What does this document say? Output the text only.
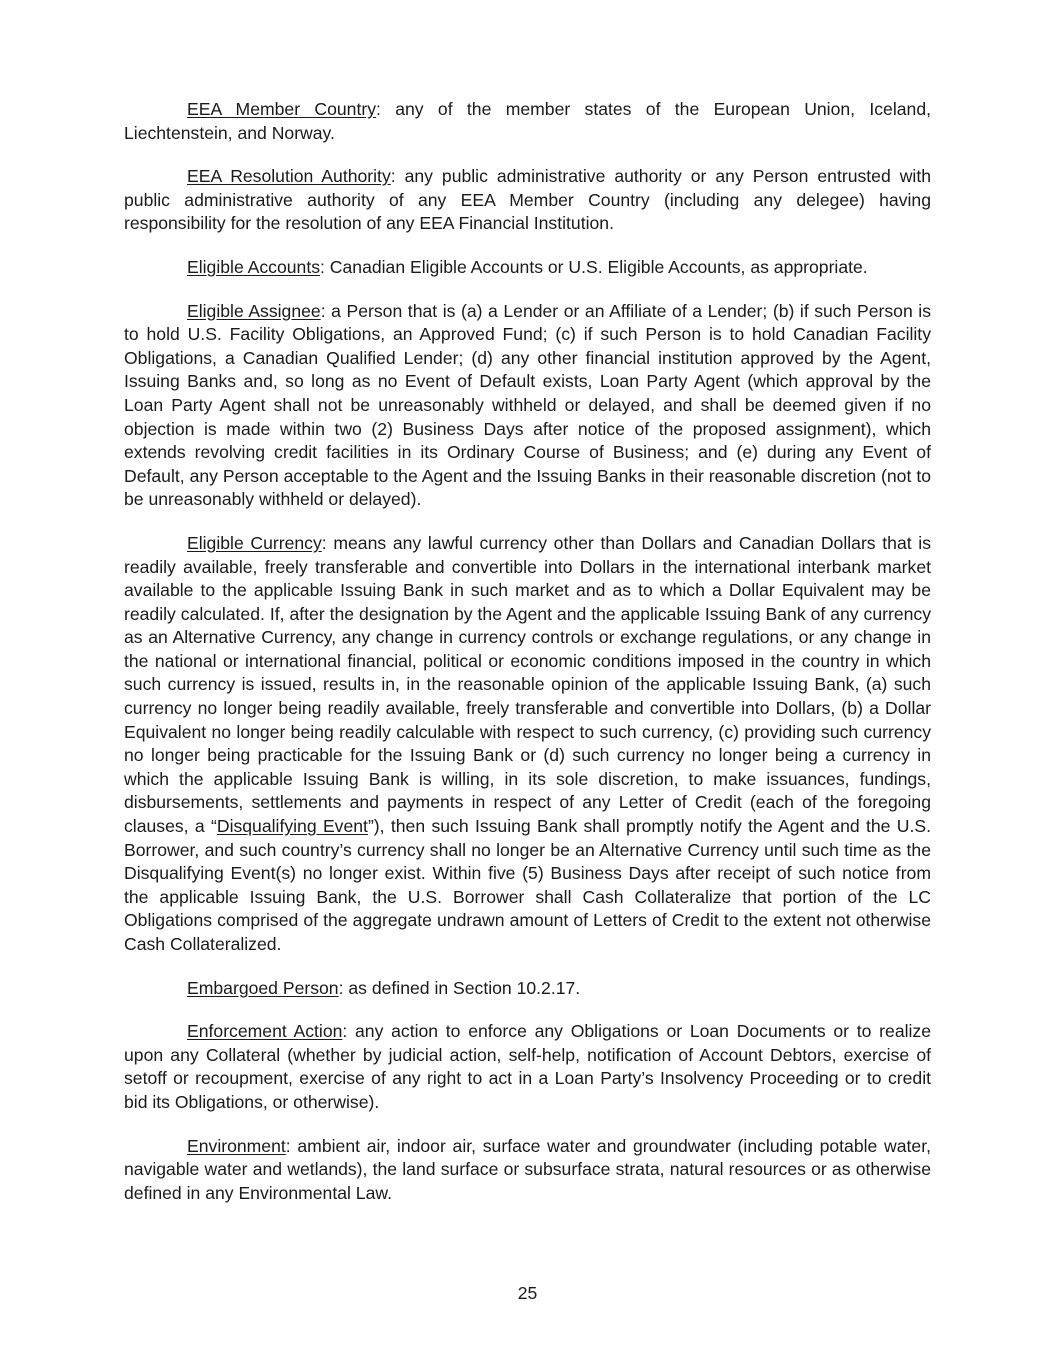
EEA Member Country: any of the member states of the European Union, Iceland, Liechtenstein, and Norway.

EEA Resolution Authority: any public administrative authority or any Person entrusted with public administrative authority of any EEA Member Country (including any delegee) having responsibility for the resolution of any EEA Financial Institution.

Eligible Accounts: Canadian Eligible Accounts or U.S. Eligible Accounts, as appropriate.

Eligible Assignee: a Person that is (a) a Lender or an Affiliate of a Lender; (b) if such Person is to hold U.S. Facility Obligations, an Approved Fund; (c) if such Person is to hold Canadian Facility Obligations, a Canadian Qualified Lender; (d) any other financial institution approved by the Agent, Issuing Banks and, so long as no Event of Default exists, Loan Party Agent (which approval by the Loan Party Agent shall not be unreasonably withheld or delayed, and shall be deemed given if no objection is made within two (2) Business Days after notice of the proposed assignment), which extends revolving credit facilities in its Ordinary Course of Business; and (e) during any Event of Default, any Person acceptable to the Agent and the Issuing Banks in their reasonable discretion (not to be unreasonably withheld or delayed).

Eligible Currency: means any lawful currency other than Dollars and Canadian Dollars that is readily available, freely transferable and convertible into Dollars in the international interbank market available to the applicable Issuing Bank in such market and as to which a Dollar Equivalent may be readily calculated. If, after the designation by the Agent and the applicable Issuing Bank of any currency as an Alternative Currency, any change in currency controls or exchange regulations, or any change in the national or international financial, political or economic conditions imposed in the country in which such currency is issued, results in, in the reasonable opinion of the applicable Issuing Bank, (a) such currency no longer being readily available, freely transferable and convertible into Dollars, (b) a Dollar Equivalent no longer being readily calculable with respect to such currency, (c) providing such currency no longer being practicable for the Issuing Bank or (d) such currency no longer being a currency in which the applicable Issuing Bank is willing, in its sole discretion, to make issuances, fundings, disbursements, settlements and payments in respect of any Letter of Credit (each of the foregoing clauses, a “Disqualifying Event”), then such Issuing Bank shall promptly notify the Agent and the U.S. Borrower, and such country’s currency shall no longer be an Alternative Currency until such time as the Disqualifying Event(s) no longer exist. Within five (5) Business Days after receipt of such notice from the applicable Issuing Bank, the U.S. Borrower shall Cash Collateralize that portion of the LC Obligations comprised of the aggregate undrawn amount of Letters of Credit to the extent not otherwise Cash Collateralized.

Embargoed Person: as defined in Section 10.2.17.

Enforcement Action: any action to enforce any Obligations or Loan Documents or to realize upon any Collateral (whether by judicial action, self-help, notification of Account Debtors, exercise of setoff or recoupment, exercise of any right to act in a Loan Party’s Insolvency Proceeding or to credit bid its Obligations, or otherwise).

Environment: ambient air, indoor air, surface water and groundwater (including potable water, navigable water and wetlands), the land surface or subsurface strata, natural resources or as otherwise defined in any Environmental Law.

25
